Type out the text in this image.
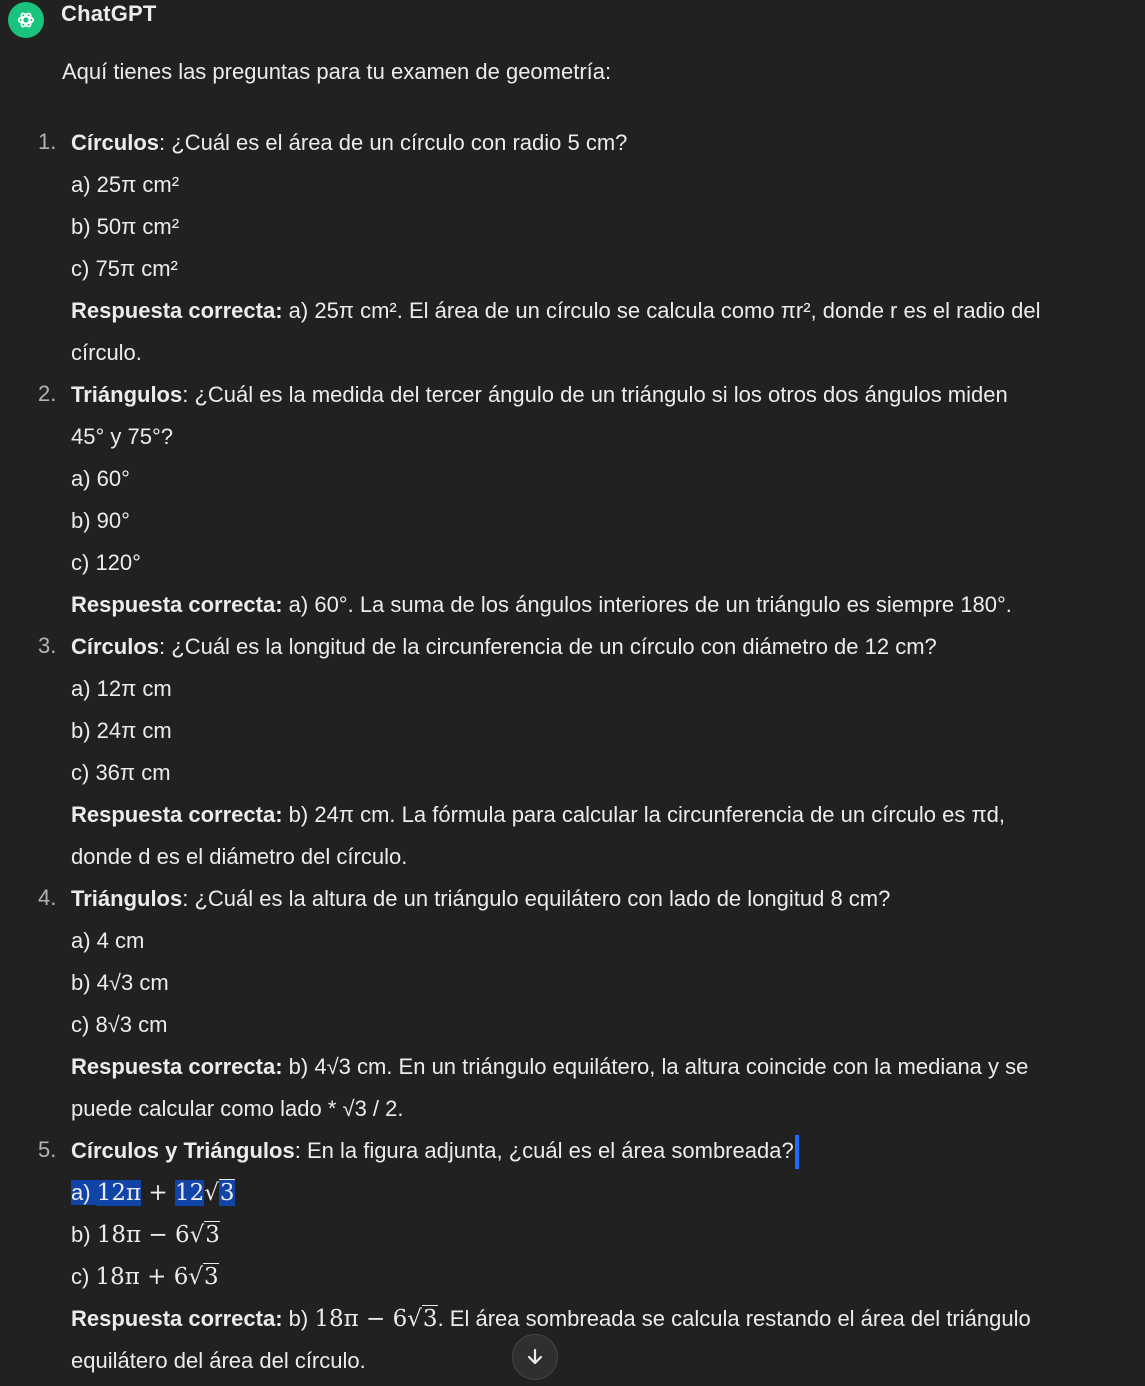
ChatGPT
Aquí tienes las preguntas para tu examen de geometría:
1. Círculos: ¿Cuál es el área de un círculo con radio 5 cm?
a) 25π cm²
b) 50π cm²
c) 75π cm²
Respuesta correcta: a) 25π cm². El área de un círculo se calcula como πr², donde r es el radio del
círculo.
2. Triángulos: ¿Cuál es la medida del tercer ángulo de un triángulo si los otros dos ángulos miden
45° y 75°?
a) 60°
b) 90°
c) 120°
Respuesta correcta: a) 60°. La suma de los ángulos interiores de un triángulo es siempre 180°.
3. Círculos: ¿Cuál es la longitud de la circunferencia de un círculo con diámetro de 12 cm?
a) 12π cm
b) 24π cm
c) 36π cm
Respuesta correcta: b) 24π cm. La fórmula para calcular la circunferencia de un círculo es πd,
donde d es el diámetro del círculo.
4. Triángulos: ¿Cuál es la altura de un triángulo equilátero con lado de longitud 8 cm?
a) 4 cm
b) 4√3 cm
c) 8√3 cm
Respuesta correcta: b) 4√3 cm. En un triángulo equilátero, la altura coincide con la mediana y se
puede calcular como lado * √3 / 2.
5. Círculos y Triángulos: En la figura adjunta, ¿cuál es el área sombreada?
a) 12π + 12√3
b) 18π − 6√3
c) 18π + 6√3
Respuesta correcta: b) 18π − 6√3. El área sombreada se calcula restando el área del triángulo
equilátero del área del círculo.
